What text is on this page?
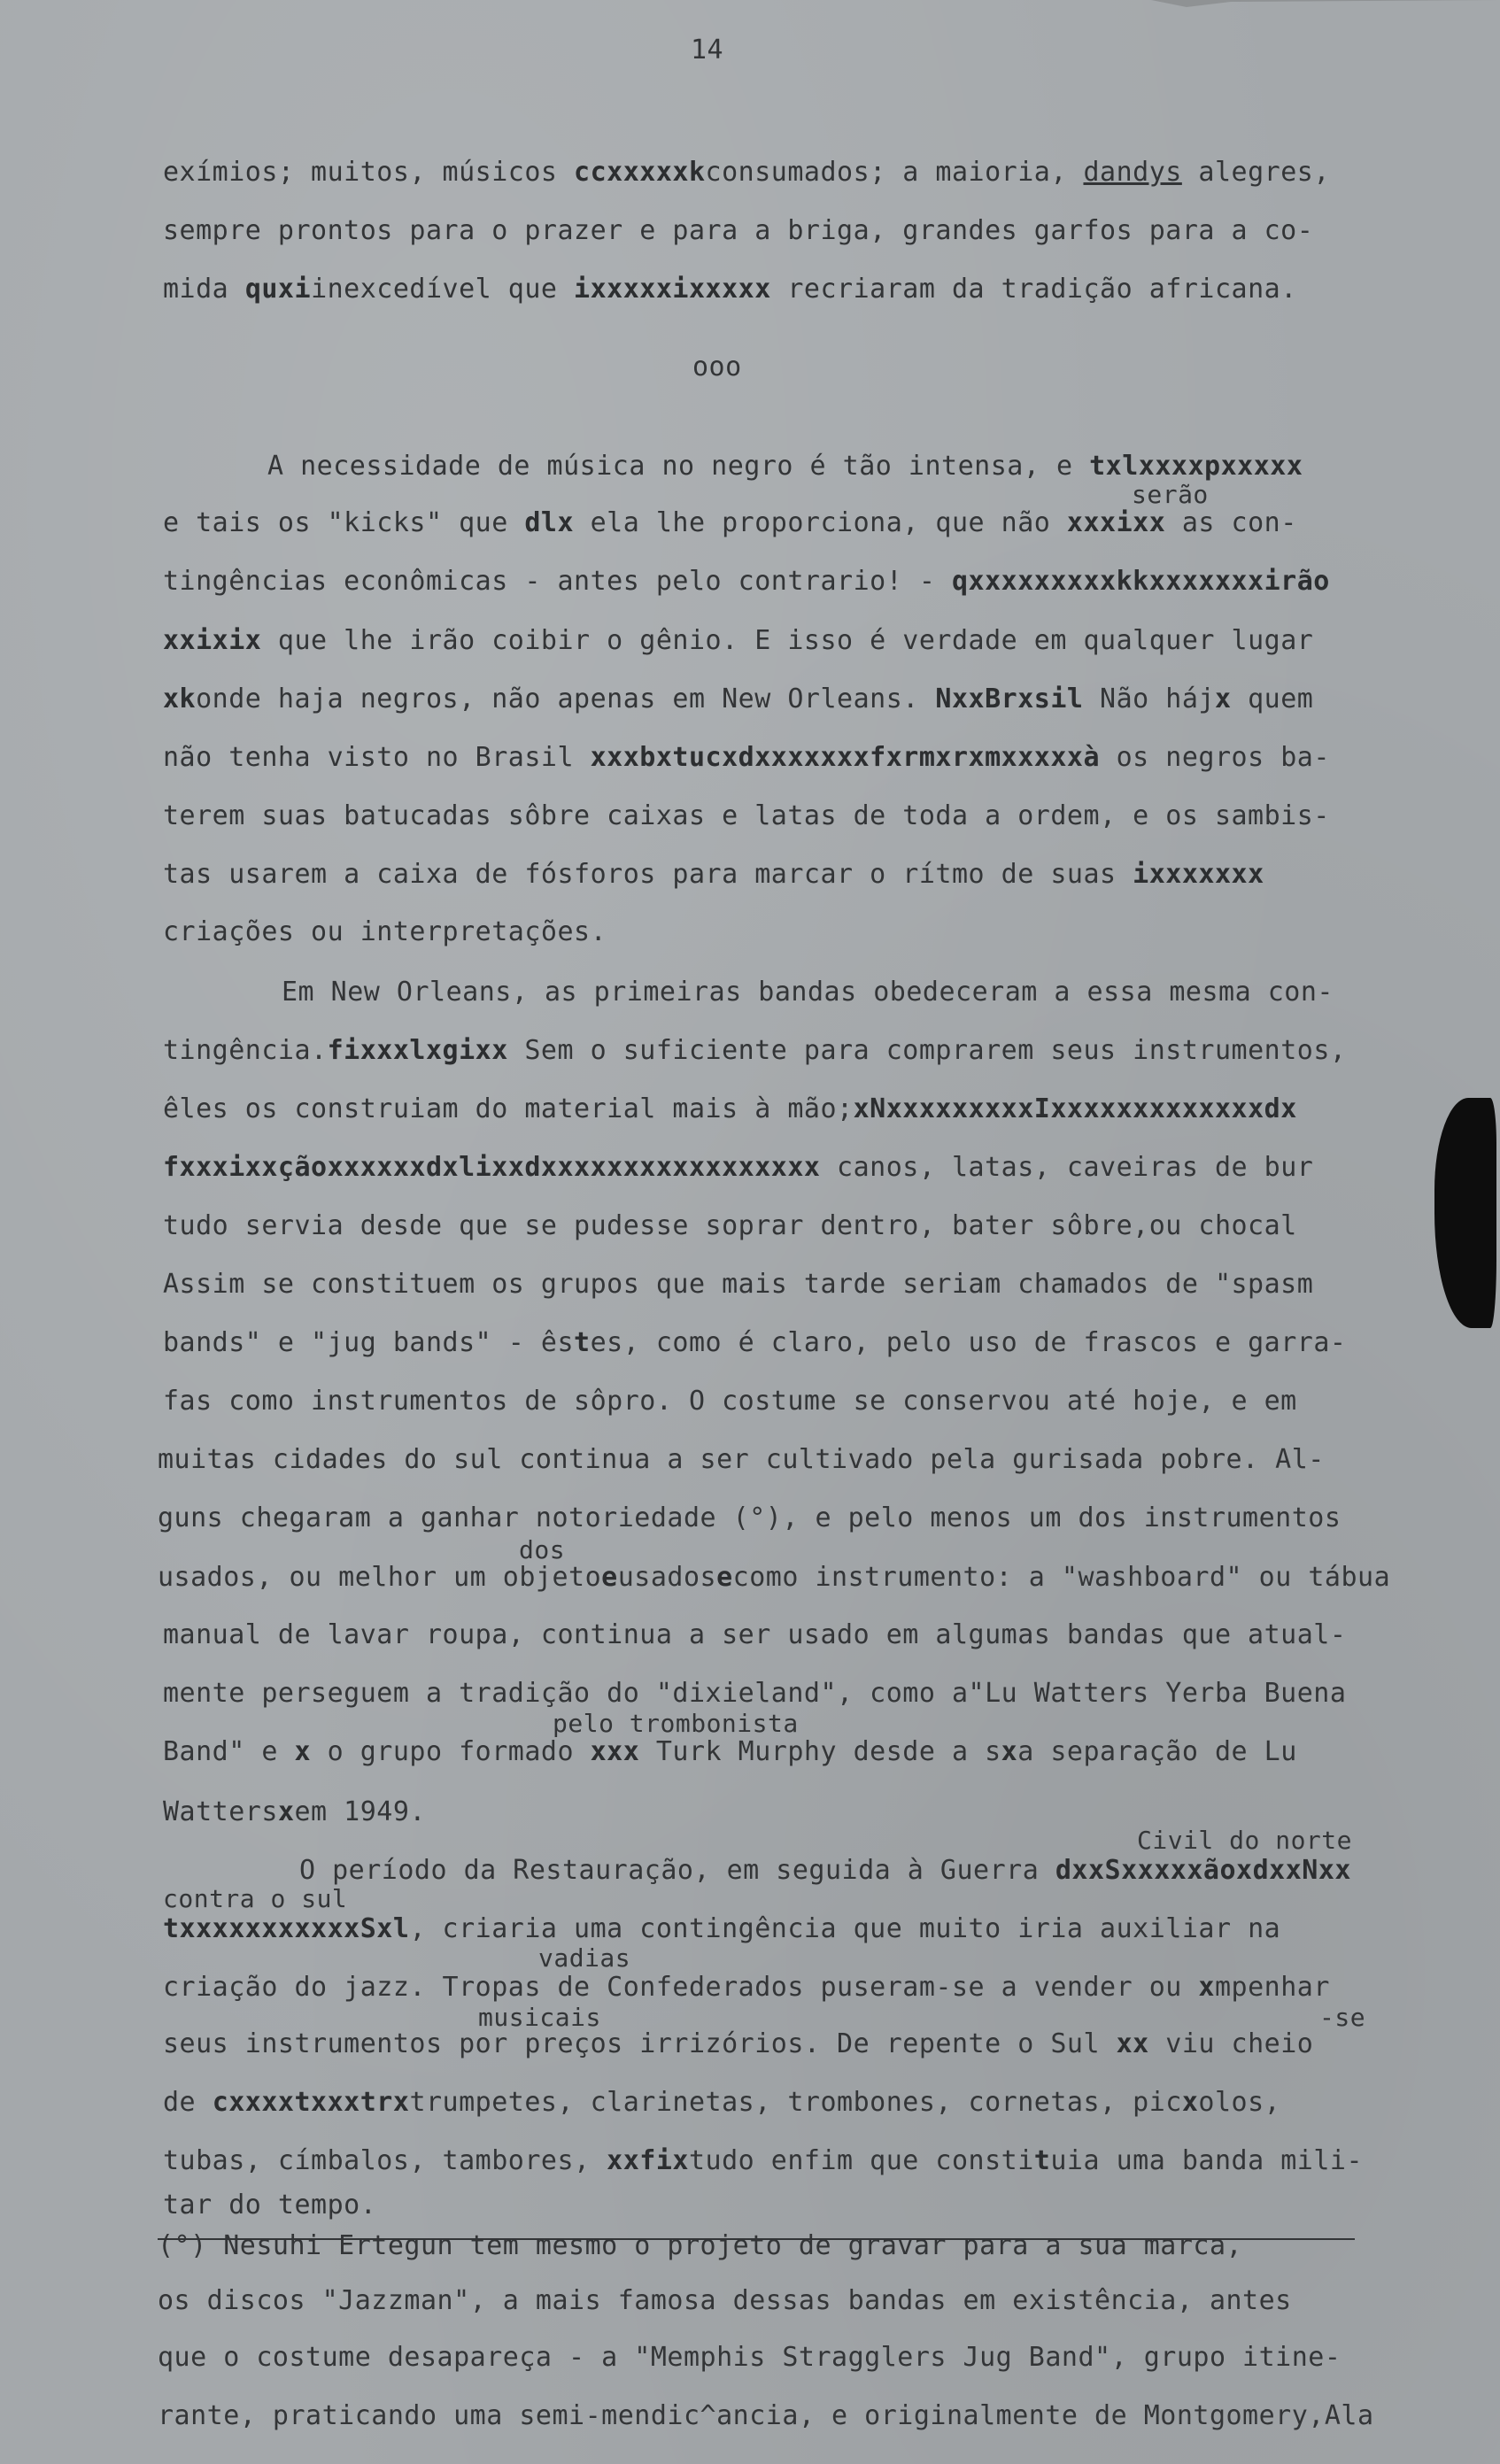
14
exímios; muitos, músicos ccxxxxxkconsumados; a maioria, dandys alegres,
sempre prontos para o prazer e para a briga, grandes garfos para a co-
mida quxiinexcedível que ixxxxxixxxxx recriaram da tradição africana.
A necessidade de música no negro é tão intensa, e txlxxxxpxxxxx
e tais os "kicks" que dlx ela lhe proporciona, que não xxxixx as con-
tingências econômicas - antes pelo contrario! - qxxxxxxxxxkkxxxxxxxirão
xxixix que lhe irão coibir o gênio. E isso é verdade em qualquer lugar
xkonde haja negros, não apenas em New Orleans. NxxBrxsil Não hájx quem
não tenha visto no Brasil xxxbxtucxdxxxxxxxfxrmxrxmxxxxxà os negros ba-
terem suas batucadas sôbre caixas e latas de toda a ordem, e os sambis-
tas usarem a caixa de fósforos para marcar o rítmo de suas ixxxxxxx
criações ou interpretações.
Em New Orleans, as primeiras bandas obedeceram a essa mesma con-
tingência.fixxxlxgixx Sem o suficiente para comprarem seus instrumentos,
êles os construiam do material mais à mão;xNxxxxxxxxxIxxxxxxxxxxxxxdx
fxxxixxçãoxxxxxxdxlixxdxxxxxxxxxxxxxxxxx canos, latas, caveiras de bur
tudo servia desde que se pudesse soprar dentro, bater sôbre,ou chocal
Assim se constituem os grupos que mais tarde seriam chamados de "spasm
bands" e "jug bands" - êstes, como é claro, pelo uso de frascos e garra-
fas como instrumentos de sôpro. O costume se conservou até hoje, e em
muitas cidades do sul continua a ser cultivado pela gurisada pobre. Al-
guns chegaram a ganhar notoriedade (°), e pelo menos um dos instrumentos
usados, ou melhor um objetoeusadosecomo instrumento: a "washboard" ou tábua
manual de lavar roupa, continua a ser usado em algumas bandas que atual-
mente perseguem a tradição do "dixieland", como a"Lu Watters Yerba Buena
Band" e x o grupo formado xxx Turk Murphy desde a sxa separação de Lu
Wattersxem 1949.
O período da Restauração, em seguida à Guerra dxxSxxxxxãoxdxxNxx
txxxxxxxxxxxSxl, criaria uma contingência que muito iria auxiliar na
criação do jazz. Tropas de Confederados puseram-se a vender ou xmpenhar
seus instrumentos por preços irrizórios. De repente o Sul xx viu cheio
de cxxxxtxxxtrxtrumpetes, clarinetas, trombones, cornetas, picxolos,
tubas, címbalos, tambores, xxfixtudo enfim que constituia uma banda mili-
tar do tempo.
ooo
serão
dos
pelo trombonista
Civil do norte
contra o sul
vadias
musicais	-se
(°) Nesuhi Ertegun tem mesmo o projeto de gravar para a sua marca,
os discos "Jazzman", a mais famosa dessas bandas em existência, antes
que o costume desapareça - a "Memphis Stragglers Jug Band", grupo itine-
rante, praticando uma semi-mendic^ancia, e originalmente de Montgomery,Ala
